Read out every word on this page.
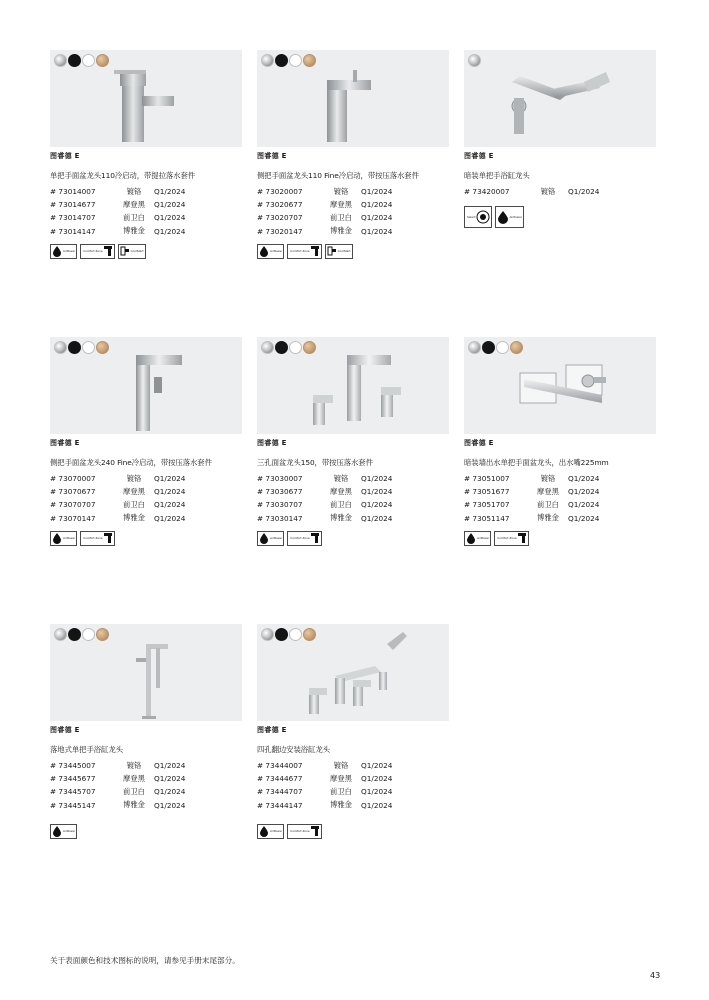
图睿德 E
单把手面盆龙头110冷启动，带提拉落水套件
# 73014007	镀铬	Q1/2024
# 73014677	摩登黑	Q1/2024
# 73014707	前卫白	Q1/2024
# 73014147	博雅金	Q1/2024
AirPower	Comfort Zone	CoolStart
图睿德 E
侧把手面盆龙头110 Fine冷启动，带按压落水套件
# 73020007	镀铬	Q1/2024
# 73020677	摩登黑	Q1/2024
# 73020707	前卫白	Q1/2024
# 73020147	博雅金	Q1/2024
AirPower	Comfort Zone	CoolStart
图睿德 E
暗装单把手浴缸龙头
# 73420007	镀铬	Q1/2024
Select	AirPower
图睿德 E
侧把手面盆龙头240 Fine冷启动，带按压落水套件
# 73070007	镀铬	Q1/2024
# 73070677	摩登黑	Q1/2024
# 73070707	前卫白	Q1/2024
# 73070147	博雅金	Q1/2024
AirPower	Comfort Zone
图睿德 E
三孔面盆龙头150，带按压落水套件
# 73030007	镀铬	Q1/2024
# 73030677	摩登黑	Q1/2024
# 73030707	前卫白	Q1/2024
# 73030147	博雅金	Q1/2024
AirPower	Comfort Zone
图睿德 E
暗装墙出水单把手面盆龙头，出水嘴225mm
# 73051007	镀铬	Q1/2024
# 73051677	摩登黑	Q1/2024
# 73051707	前卫白	Q1/2024
# 73051147	博雅金	Q1/2024
AirPower	Comfort Zone
图睿德 E
落地式单把手浴缸龙头
# 73445007	镀铬	Q1/2024
# 73445677	摩登黑	Q1/2024
# 73445707	前卫白	Q1/2024
# 73445147	博雅金	Q1/2024
AirPower
图睿德 E
四孔翻边安装浴缸龙头
# 73444007	镀铬	Q1/2024
# 73444677	摩登黑	Q1/2024
# 73444707	前卫白	Q1/2024
# 73444147	博雅金	Q1/2024
AirPower	Comfort Zone
关于表面颜色和技术图标的说明，请参见手册末尾部分。
43
